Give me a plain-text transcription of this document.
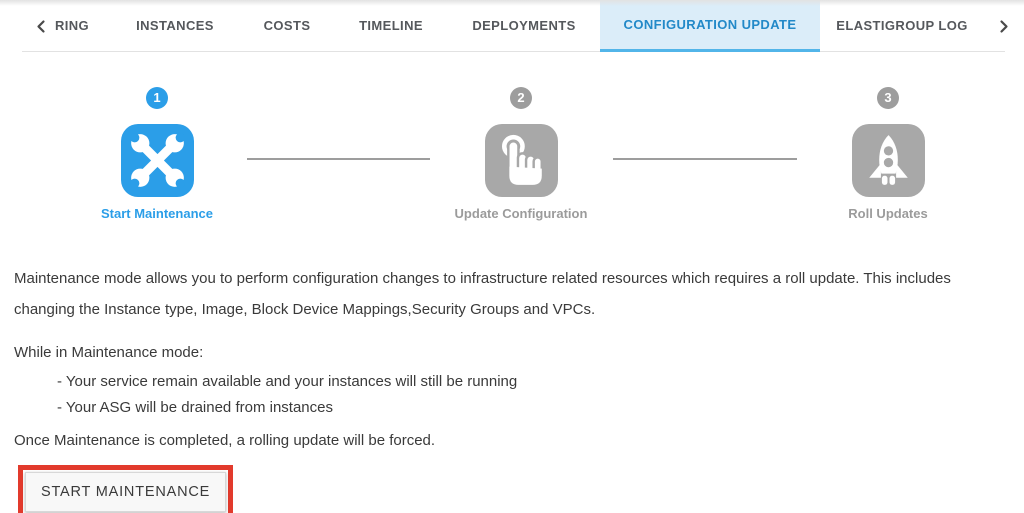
RING	INSTANCES	COSTS	TIMELINE	DEPLOYMENTS	CONFIGURATION UPDATE	ELASTIGROUP LOG
1
Start Maintenance
2
Update Configuration
3
Roll Updates

Maintenance mode allows you to perform configuration changes to infrastructure related resources which requires a roll update. This includes changing the Instance type, Image, Block Device Mappings,Security Groups and VPCs.

While in Maintenance mode:

- Your service remain available and your instances will still be running
- Your ASG will be drained from instances

Once Maintenance is completed, a rolling update will be forced.

START MAINTENANCE
